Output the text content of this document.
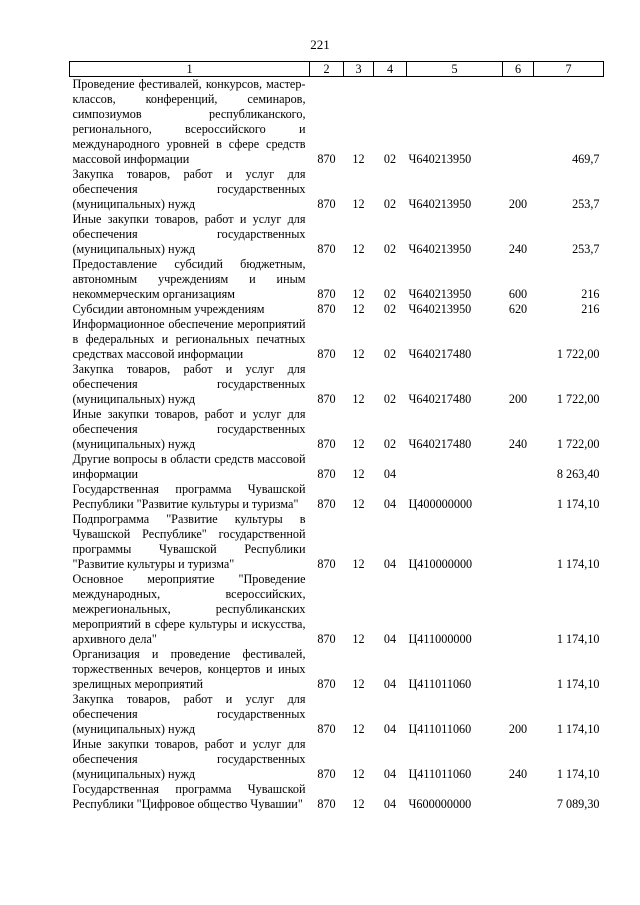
221
1	2	3	4	5	6	7
Проведение фестивалей, конкурсов, мастер-классов, конференций, семинаров, симпозиумов республиканского, регионального, всероссийского и международного уровней в сфере средств массовой информации	870	12	02	Ч640213950		469,7
Закупка товаров, работ и услуг для обеспечения государственных (муниципальных) нужд	870	12	02	Ч640213950	200	253,7
Иные закупки товаров, работ и услуг для обеспечения государственных (муниципальных) нужд	870	12	02	Ч640213950	240	253,7
Предоставление субсидий бюджетным, автономным учреждениям и иным некоммерческим организациям	870	12	02	Ч640213950	600	216
Субсидии автономным учреждениям	870	12	02	Ч640213950	620	216
Информационное обеспечение мероприятий в федеральных и региональных печатных средствах массовой информации	870	12	02	Ч640217480		1 722,00
Закупка товаров, работ и услуг для обеспечения государственных (муниципальных) нужд	870	12	02	Ч640217480	200	1 722,00
Иные закупки товаров, работ и услуг для обеспечения государственных (муниципальных) нужд	870	12	02	Ч640217480	240	1 722,00
Другие вопросы в области средств массовой информации	870	12	04			8 263,40
Государственная программа Чувашской Республики "Развитие культуры и туризма"	870	12	04	Ц400000000		1 174,10
Подпрограмма "Развитие культуры в Чувашской Республике" государственной программы Чувашской Республики "Развитие культуры и туризма"	870	12	04	Ц410000000		1 174,10
Основное мероприятие "Проведение международных, всероссийских, межрегиональных, республиканских мероприятий в сфере культуры и искусства, архивного дела"	870	12	04	Ц411000000		1 174,10
Организация и проведение фестивалей, торжественных вечеров, концертов и иных зрелищных мероприятий	870	12	04	Ц411011060		1 174,10
Закупка товаров, работ и услуг для обеспечения государственных (муниципальных) нужд	870	12	04	Ц411011060	200	1 174,10
Иные закупки товаров, работ и услуг для обеспечения государственных (муниципальных) нужд	870	12	04	Ц411011060	240	1 174,10
Государственная программа Чувашской Республики "Цифровое общество Чувашии"	870	12	04	Ч600000000		7 089,30
